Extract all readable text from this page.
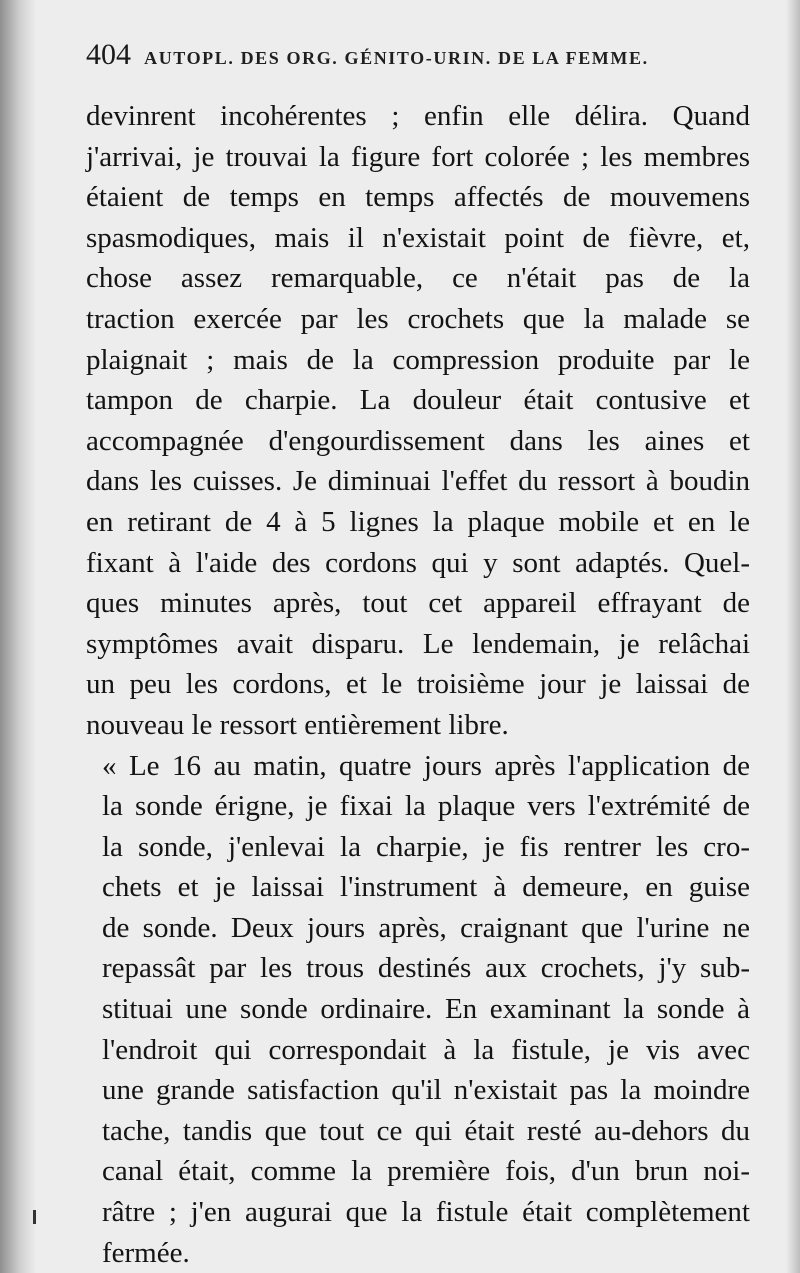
404 AUTOPL. DES ORG. GÉNITO-URIN. DE LA FEMME.

devinrent incohérentes ; enfin elle délira. Quand
j'arrivai, je trouvai la figure fort colorée ; les membres
étaient de temps en temps affectés de mouvemens
spasmodiques, mais il n'existait point de fièvre, et,
chose assez remarquable, ce n'était pas de la
traction exercée par les crochets que la malade se
plaignait ; mais de la compression produite par le
tampon de charpie. La douleur était contusive et
accompagnée d'engourdissement dans les aines et
dans les cuisses. Je diminuai l'effet du ressort à boudin
en retirant de 4 à 5 lignes la plaque mobile et en le
fixant à l'aide des cordons qui y sont adaptés. Quel-
ques minutes après, tout cet appareil effrayant de
symptômes avait disparu. Le lendemain, je relâchai
un peu les cordons, et le troisième jour je laissai de
nouveau le ressort entièrement libre.

« Le 16 au matin, quatre jours après l'application de
la sonde érigne, je fixai la plaque vers l'extrémité de
la sonde, j'enlevai la charpie, je fis rentrer les cro-
chets et je laissai l'instrument à demeure, en guise
de sonde. Deux jours après, craignant que l'urine ne
repassât par les trous destinés aux crochets, j'y sub-
stituai une sonde ordinaire. En examinant la sonde à
l'endroit qui correspondait à la fistule, je vis avec
une grande satisfaction qu'il n'existait pas la moindre
tache, tandis que tout ce qui était resté au-dehors du
canal était, comme la première fois, d'un brun noi-
râtre ; j'en augurai que la fistule était complètement
fermée.
